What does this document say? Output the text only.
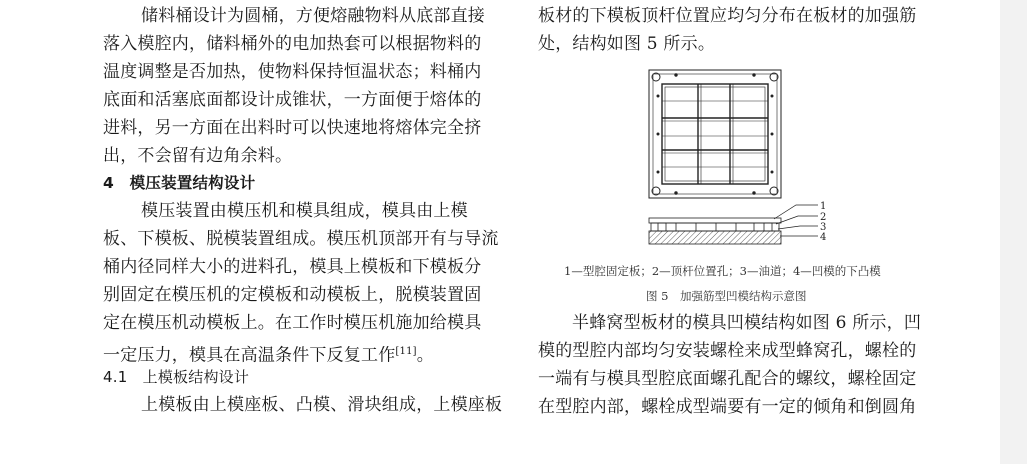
储料桶设计为圆桶，方便熔融物料从底部直接
落入模腔内，储料桶外的电加热套可以根据物料的
温度调整是否加热，使物料保持恒温状态；料桶内
底面和活塞底面都设计成锥状，一方面便于熔体的
进料，另一方面在出料时可以快速地将熔体完全挤
出，不会留有边角余料。
4　模压装置结构设计
模压装置由模压机和模具组成，模具由上模
板、下模板、脱模装置组成。模压机顶部开有与导流
桶内径同样大小的进料孔，模具上模板和下模板分
别固定在模压机的定模板和动模板上，脱模装置固
定在模压机动模板上。在工作时模压机施加给模具
一定压力，模具在高温条件下反复工作[11]。
4.1　上模板结构设计
上模板由上模座板、凸模、滑块组成，上模座板
板材的下模板顶杆位置应均匀分布在板材的加强筋
处，结构如图 5 所示。
半蜂窝型板材的模具凹模结构如图 6 所示，凹
模的型腔内部均匀安装螺栓来成型蜂窝孔，螺栓的
一端有与模具型腔底面螺孔配合的螺纹，螺栓固定
在型腔内部，螺栓成型端要有一定的倾角和倒圆角
1
2
3
4
1—型腔固定板；2—顶杆位置孔；3—油道；4—凹模的下凸模
图 5　加强筋型凹模结构示意图
